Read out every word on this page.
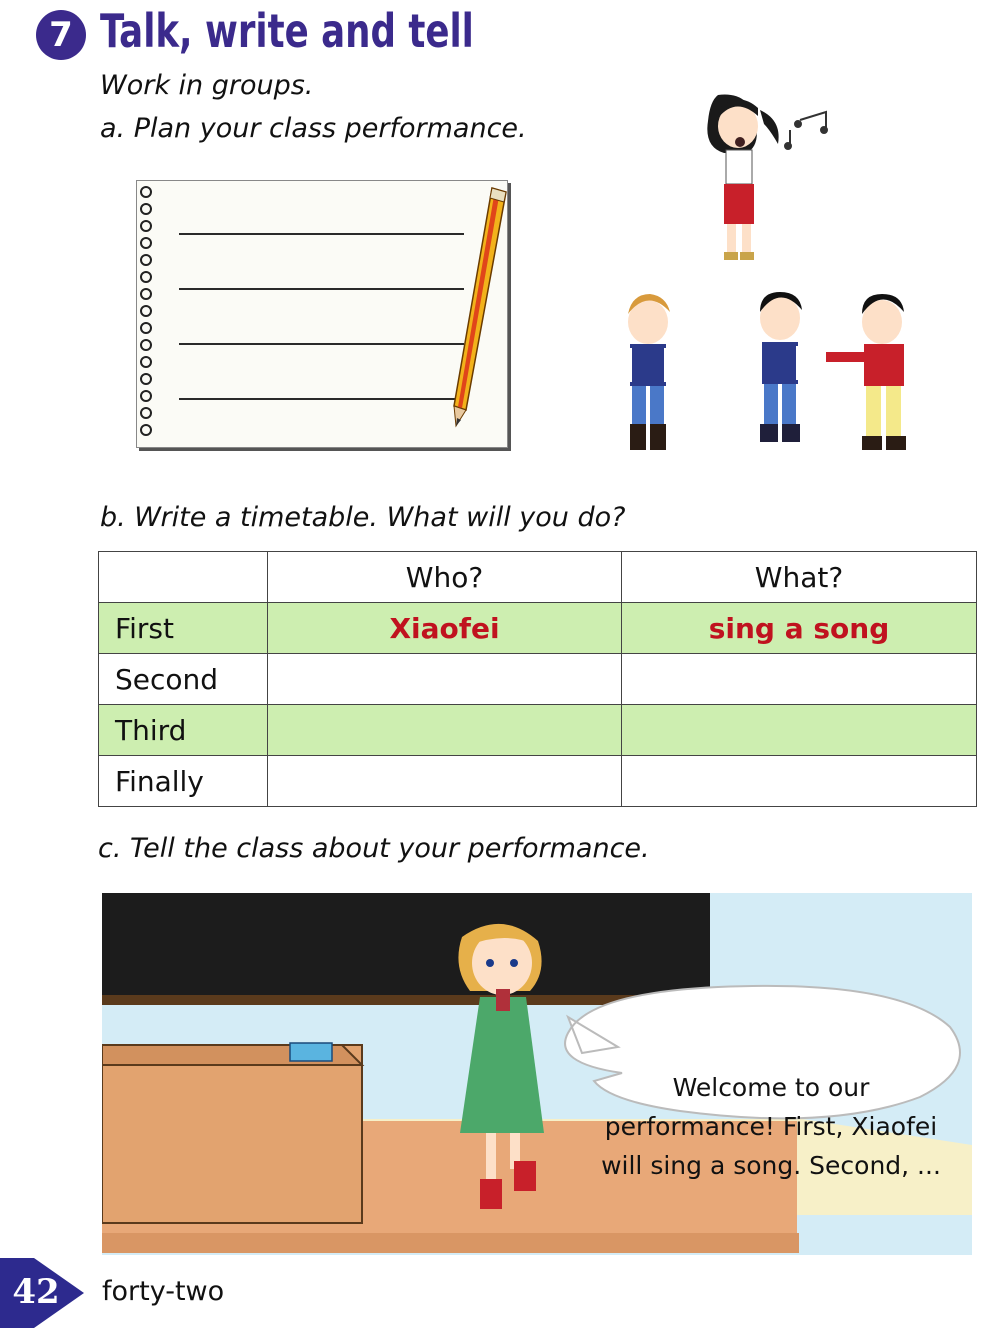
7 Talk, write and tell
Work in groups.
a. Plan your class performance.
b. Write a timetable. What will you do?
	Who?	What?
First	Xiaofei	sing a song
Second		
Third		
Finally		
c. Tell the class about your performance.
Welcome to our
performance! First, Xiaofei
will sing a song. Second, ...
42 forty-two
